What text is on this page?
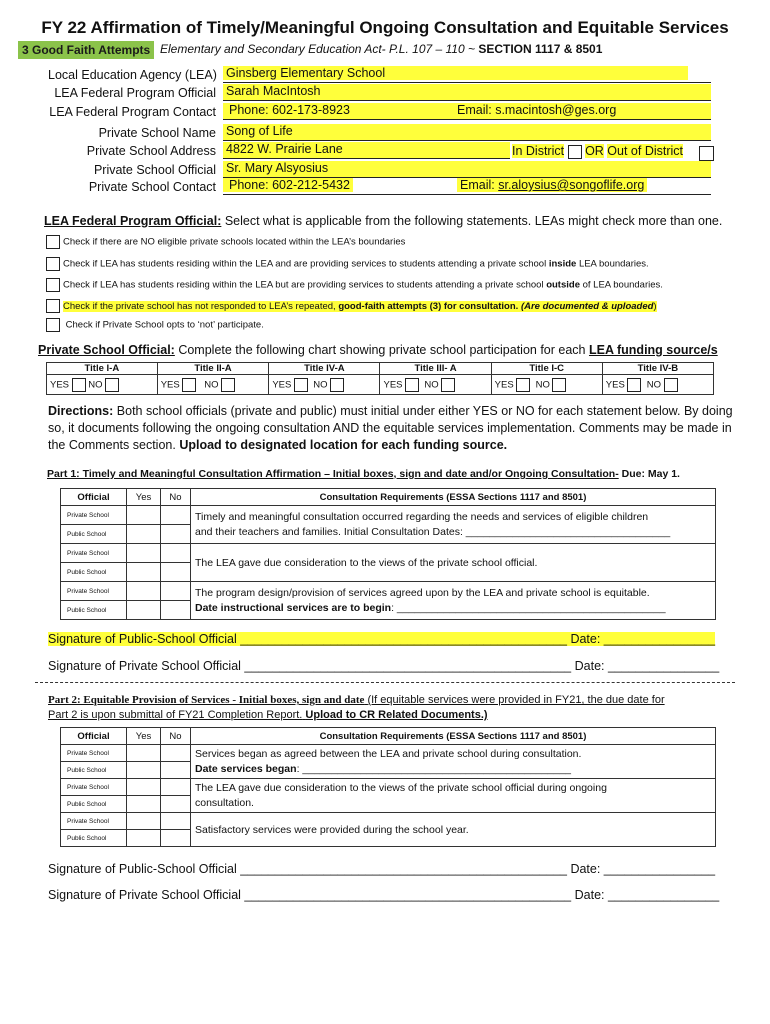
FY 22 Affirmation of Timely/Meaningful Ongoing Consultation and Equitable Services
3 Good Faith Attempts Elementary and Secondary Education Act- P.L. 107 – 110 ~ SECTION 1117 & 8501
Local Education Agency (LEA) Ginsberg Elementary School
LEA Federal Program Official Sarah MacIntosh
LEA Federal Program Contact Phone: 602-173-8923	Email: s.macintosh@ges.org
Private School Name Song of Life
Private School Address 4822 W. Prairie Lane	In District OR Out of District
Private School Official Sr. Mary Alsyosius
Private School Contact	Phone: 602-212-5432	Email: sr.aloysius@songoflife.org
LEA Federal Program Official: Select what is applicable from the following statements. LEAs might check more than one.
Check if there are NO eligible private schools located within the LEA’s boundaries
Check if LEA has students residing within the LEA and are providing services to students attending a private school inside LEA boundaries.
Check if LEA has students residing within the LEA but are providing services to students attending a private school outside of LEA boundaries.
Check if the private school has not responded to LEA’s repeated, good-faith attempts (3) for consultation. (Are documented & uploaded)
Check if Private School opts to ‘not’ participate.
Private School Official: Complete the following chart showing private school participation for each LEA funding source/s
Title I-A	Title II-A	Title IV-A	Title III- A	Title I-C	Title IV-B
YES NO	YES NO	YES NO	YES NO	YES NO	YES NO
Directions: Both school officials (private and public) must initial under either YES or NO for each statement below. By doing so, it documents following the ongoing consultation AND the equitable services implementation. Comments may be made in the Comments section. Upload to designated location for each funding source.
Part 1: Timely and Meaningful Consultation Affirmation – Initial boxes, sign and date and/or Ongoing Consultation- Due: May 1.
Official	Yes	No	Consultation Requirements (ESSA Sections 1117 and 8501)
Private School			Timely and meaningful consultation occurred regarding the needs and services of eligible children
and their teachers and families. Initial Consultation Dates: ___________________________________

Public School			
Private School			The LEA gave due consideration to the views of the private school official.
Public School			
Private School			The program design/provision of services agreed upon by the LEA and private school is equitable.
Date instructional services are to begin: ______________________________________________

Public School			
Signature of Public-School Official _______________________________________________ Date: ________________
Signature of Private School Official _______________________________________________ Date: ________________
Part 2: Equitable Provision of Services - Initial boxes, sign and date (If equitable services were provided in FY21, the due date for
Part 2 is upon submittal of FY21 Completion Report. Upload to CR Related Documents.)
Official	Yes	No	Consultation Requirements (ESSA Sections 1117 and 8501)
Private School			Services began as agreed between the LEA and private school during consultation.
Date services began: ______________________________________________

Public School			
Private School			The LEA gave due consideration to the views of the private school official during ongoing
consultation.

Public School			
Private School			Satisfactory services were provided during the school year.
Public School			
Signature of Public-School Official _______________________________________________ Date: ________________
Signature of Private School Official _______________________________________________ Date: ________________
